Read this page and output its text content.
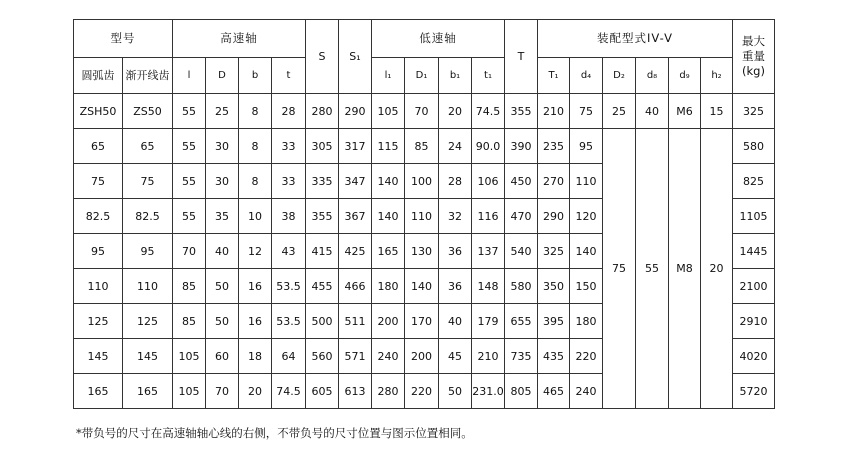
型号		高速轴				S	S₁	低速轴				T	装配型式IV-V						最大重量(kg)

圆弧齿	渐开线齿	l	D	b	t			l₁	D₁	b₁	t₁		T₁	d₄	D₂	d₈	d₉	h₂	
ZSH50	ZS50	55	25	8	28	280	290	105	70	20	74.5	355	210	75	25	40	M6	15	325
65	65	55	30	8	33	305	317	115	85	24	90.0	390	235	95	75	55	M8	20	580
75	75	55	30	8	33	335	347	140	100	28	106	450	270	110					825
82.5	82.5	55	35	10	38	355	367	140	110	32	116	470	290	120					1105
95	95	70	40	12	43	415	425	165	130	36	137	540	325	140					1445
110	110	85	50	16	53.5	455	466	180	140	36	148	580	350	150					2100
125	125	85	50	16	53.5	500	511	200	170	40	179	655	395	180					2910
145	145	105	60	18	64	560	571	240	200	45	210	735	435	220					4020
165	165	105	70	20	74.5	605	613	280	220	50	231.0	805	465	240					5720
*带负号的尺寸在高速轴轴心线的右侧，不带负号的尺寸位置与图示位置相同。
